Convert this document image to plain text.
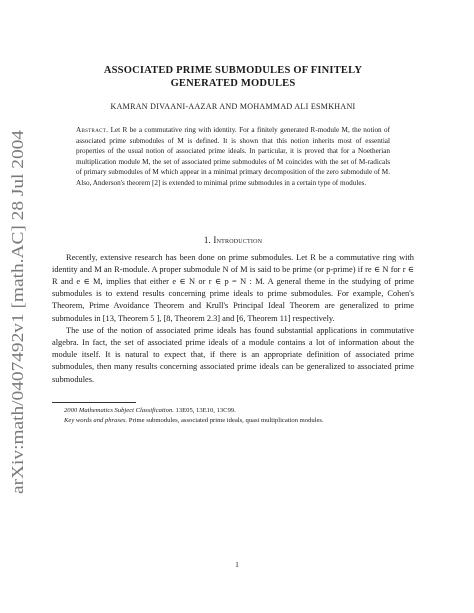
arXiv:math/0407492v1 [math.AC] 28 Jul 2004
ASSOCIATED PRIME SUBMODULES OF FINITELY
GENERATED MODULES
KAMRAN DIVAANI-AAZAR AND MOHAMMAD ALI ESMKHANI
Abstract. Let R be a commutative ring with identity. For a finitely generated R-module M, the notion of associated prime submodules of M is defined. It is shown that this notion inherits most of essential properties of the usual notion of associated prime ideals. In particular, it is proved that for a Noetherian multiplication module M, the set of associated prime submodules of M coincides with the set of M-radicals of primary submodules of M which appear in a minimal primary decomposition of the zero submodule of M. Also, Anderson's theorem [2] is extended to minimal prime submodules in a certain type of modules.
1. Introduction

Recently, extensive research has been done on prime submodules. Let R be a commutative ring with identity and M an R-module. A proper submodule N of M is said to be prime (or p-prime) if re ∈ N for r ∈ R and e ∈ M, implies that either e ∈ N or r ∈ p = N : M. A general theme in the studying of prime submodules is to extend results concerning prime ideals to prime submodules. For example, Cohen's Theorem, Prime Avoidance Theorem and Krull's Principal Ideal Theorem are generalized to prime submodules in [13, Theorem 5 ], [8, Theorem 2.3] and [6, Theorem 11] respectively.

The use of the notion of associated prime ideals has found substantial applications in commutative algebra. In fact, the set of associated prime ideals of a module contains a lot of information about the module itself. It is natural to expect that, if there is an appropriate definition of associated prime submodules, then many results concerning associated prime ideals can be generalized to associated prime submodules.

2000 Mathematics Subject Classification. 13E05, 13E10, 13C99.

Key words and phrases. Prime submodules, associated prime ideals, quasi multiplication modules.

1
